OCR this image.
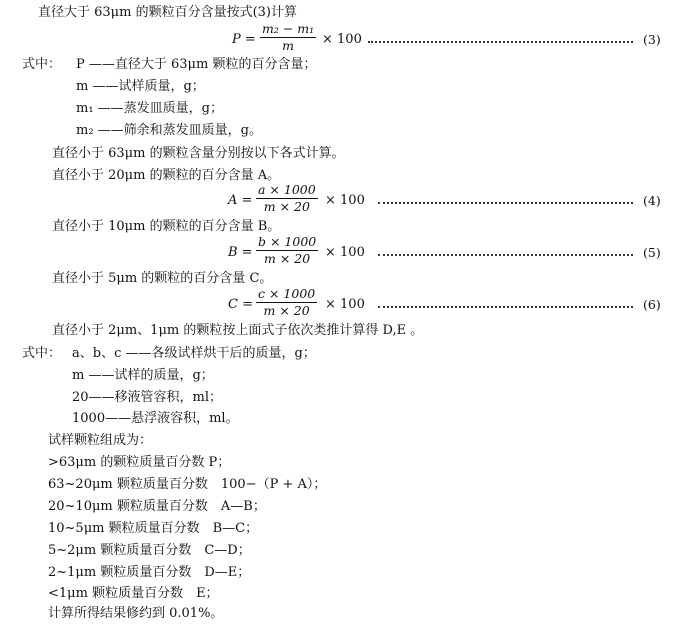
直径大于 63μm 的颗粒百分含量按式(3)计算
P =
m₂ − m₁
m × 100	(3)
式中： P ——直径大于 63μm 颗粒的百分含量；
m ——试样质量，g；
m₁ ——蒸发皿质量，g；
m₂ ——筛余和蒸发皿质量，g。
直径小于 63μm 的颗粒含量分别按以下各式计算。
直径小于 20μm 的颗粒的百分含量 A。
A =
a × 1000
m × 20 × 100	(4)
直径小于 10μm 的颗粒的百分含量 B。
B =
b × 1000
m × 20 × 100	(5)
直径小于 5μm 的颗粒的百分含量 C。
C =
c × 1000
m × 20 × 100	(6)
直径小于 2μm、1μm 的颗粒按上面式子依次类推计算得 D,E 。
式中： a、b、c ——各级试样烘干后的质量，g；
m ——试样的质量，g；
20——移液管容积，ml；
1000——悬浮液容积，ml。
试样颗粒组成为：
>63μm 的颗粒质量百分数 P；
63~20μm 颗粒质量百分数　100−（P + A）；
20~10μm 颗粒质量百分数　A—B；
10~5μm 颗粒质量百分数　B—C；
5~2μm 颗粒质量百分数　C—D；
2~1μm 颗粒质量百分数　D—E；
<1μm 颗粒质量百分数　E；
计算所得结果修约到 0.01%。
